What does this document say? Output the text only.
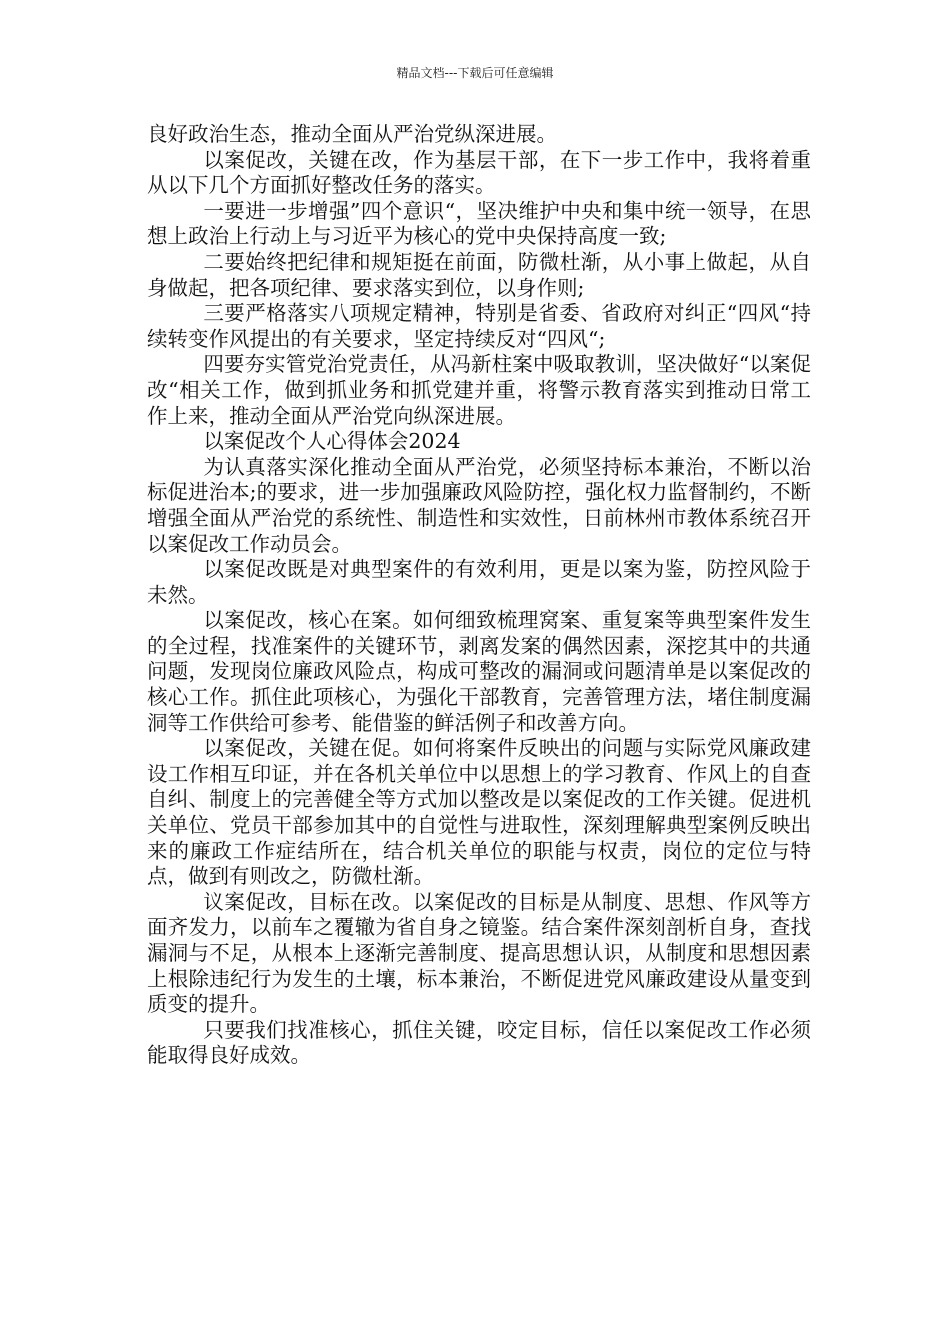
精品文档---下载后可任意编辑

良好政治生态，推动全面从严治党纵深进展。

以案促改，关键在改，作为基层干部，在下一步工作中，我将着重从以下几个方面抓好整改任务的落实。

一要进一步增强”四个意识“，坚决维护中央和集中统一领导，在思想上政治上行动上与习近平为核心的党中央保持高度一致;

二要始终把纪律和规矩挺在前面，防微杜渐，从小事上做起，从自身做起，把各项纪律、要求落实到位，以身作则;

三要严格落实八项规定精神，特别是省委、省政府对纠正“四风“持续转变作风提出的有关要求，坚定持续反对“四风“;

四要夯实管党治党责任，从冯新柱案中吸取教训，坚决做好“以案促改“相关工作，做到抓业务和抓党建并重，将警示教育落实到推动日常工作上来，推动全面从严治党向纵深进展。

以案促改个人心得体会2024

为认真落实深化推动全面从严治党，必须坚持标本兼治，不断以治标促进治本;的要求，进一步加强廉政风险防控，强化权力监督制约，不断增强全面从严治党的系统性、制造性和实效性，日前林州市教体系统召开以案促改工作动员会。

以案促改既是对典型案件的有效利用，更是以案为鉴，防控风险于未然。

以案促改，核心在案。如何细致梳理窝案、重复案等典型案件发生的全过程，找准案件的关键环节，剥离发案的偶然因素，深挖其中的共通问题，发现岗位廉政风险点，构成可整改的漏洞或问题清单是以案促改的核心工作。抓住此项核心，为强化干部教育，完善管理方法，堵住制度漏洞等工作供给可参考、能借鉴的鲜活例子和改善方向。

以案促改，关键在促。如何将案件反映出的问题与实际党风廉政建设工作相互印证，并在各机关单位中以思想上的学习教育、作风上的自查自纠、制度上的完善健全等方式加以整改是以案促改的工作关键。促进机关单位、党员干部参加其中的自觉性与进取性，深刻理解典型案例反映出来的廉政工作症结所在，结合机关单位的职能与权责，岗位的定位与特点，做到有则改之，防微杜渐。

议案促改，目标在改。以案促改的目标是从制度、思想、作风等方面齐发力，以前车之覆辙为省自身之镜鉴。结合案件深刻剖析自身，查找漏洞与不足，从根本上逐渐完善制度、提高思想认识，从制度和思想因素上根除违纪行为发生的土壤，标本兼治，不断促进党风廉政建设从量变到质变的提升。

只要我们找准核心，抓住关键，咬定目标，信任以案促改工作必须能取得良好成效。
